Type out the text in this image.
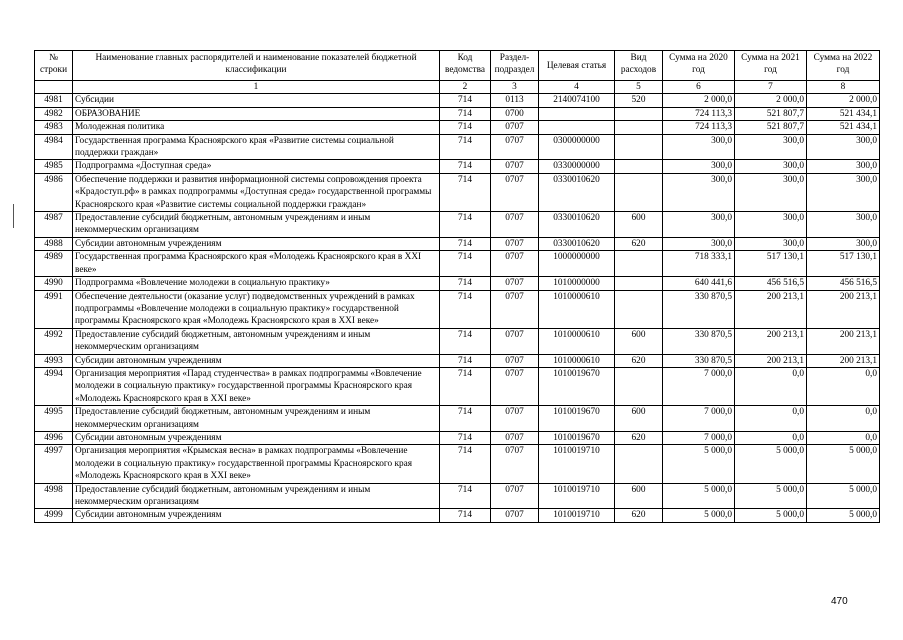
№ строки	Наименование главных распорядителей и наименование показателей бюджетной классификации	Код ведомства	Раздел-подраздел	Целевая статья	Вид расходов	Сумма на 2020 год	Сумма на 2021 год	Сумма на 2022 год
	1	2	3	4	5	6	7	8
4981	Субсидии	714	0113	2140074100	520	2 000,0	2 000,0	2 000,0
4982	ОБРАЗОВАНИЕ	714	0700			724 113,3	521 807,7	521 434,1
4983	Молодежная политика	714	0707			724 113,3	521 807,7	521 434,1
4984	Государственная программа Красноярского края «Развитие системы социальной поддержки граждан»	714	0707	0300000000		300,0	300,0	300,0
4985	Подпрограмма «Доступная среда»	714	0707	0330000000		300,0	300,0	300,0
4986	Обеспечение поддержки и развития информационной системы сопровождения проекта «Крадоступ.рф» в рамках подпрограммы «Доступная среда» государственной программы Красноярского края «Развитие системы социальной поддержки граждан»	714	0707	0330010620		300,0	300,0	300,0
4987	Предоставление субсидий бюджетным, автономным учреждениям и иным некоммерческим организациям	714	0707	0330010620	600	300,0	300,0	300,0
4988	Субсидии автономным учреждениям	714	0707	0330010620	620	300,0	300,0	300,0
4989	Государственная программа Красноярского края «Молодежь Красноярского края в XXI веке»	714	0707	1000000000		718 333,1	517 130,1	517 130,1
4990	Подпрограмма «Вовлечение молодежи в социальную практику»	714	0707	1010000000		640 441,6	456 516,5	456 516,5
4991	Обеспечение деятельности (оказание услуг) подведомственных учреждений в рамках подпрограммы «Вовлечение молодежи в социальную практику» государственной программы Красноярского края «Молодежь Красноярского края в XXI веке»	714	0707	1010000610		330 870,5	200 213,1	200 213,1
4992	Предоставление субсидий бюджетным, автономным учреждениям и иным некоммерческим организациям	714	0707	1010000610	600	330 870,5	200 213,1	200 213,1
4993	Субсидии автономным учреждениям	714	0707	1010000610	620	330 870,5	200 213,1	200 213,1
4994	Организация мероприятия «Парад студенчества» в рамках подпрограммы «Вовлечение молодежи в социальную практику» государственной программы Красноярского края «Молодежь Красноярского края в XXI веке»	714	0707	1010019670		7 000,0	0,0	0,0
4995	Предоставление субсидий бюджетным, автономным учреждениям и иным некоммерческим организациям	714	0707	1010019670	600	7 000,0	0,0	0,0
4996	Субсидии автономным учреждениям	714	0707	1010019670	620	7 000,0	0,0	0,0
4997	Организация мероприятия «Крымская весна» в рамках подпрограммы «Вовлечение молодежи в социальную практику» государственной программы Красноярского края «Молодежь Красноярского края в XXI веке»	714	0707	1010019710		5 000,0	5 000,0	5 000,0
4998	Предоставление субсидий бюджетным, автономным учреждениям и иным некоммерческим организациям	714	0707	1010019710	600	5 000,0	5 000,0	5 000,0
4999	Субсидии автономным учреждениям	714	0707	1010019710	620	5 000,0	5 000,0	5 000,0
470
